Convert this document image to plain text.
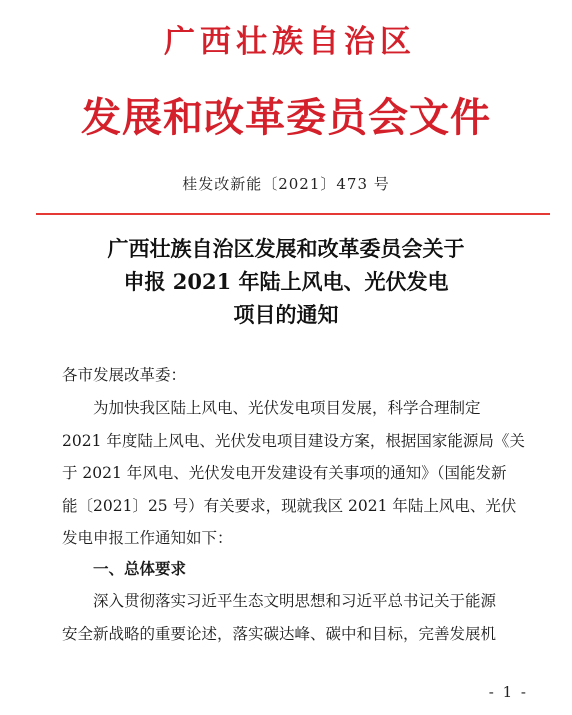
广西壮族自治区
发展和改革委员会文件
桂发改新能〔2021〕473 号
广西壮族自治区发展和改革委员会关于
申报 2021 年陆上风电、光伏发电
项目的通知
各市发展改革委：
为加快我区陆上风电、光伏发电项目发展，科学合理制定
2021 年度陆上风电、光伏发电项目建设方案，根据国家能源局《关
于 2021 年风电、光伏发电开发建设有关事项的通知》（国能发新
能〔2021〕25 号）有关要求，现就我区 2021 年陆上风电、光伏
发电申报工作通知如下：
一、总体要求
深入贯彻落实习近平生态文明思想和习近平总书记关于能源
安全新战略的重要论述，落实碳达峰、碳中和目标，完善发展机
- 1 -
